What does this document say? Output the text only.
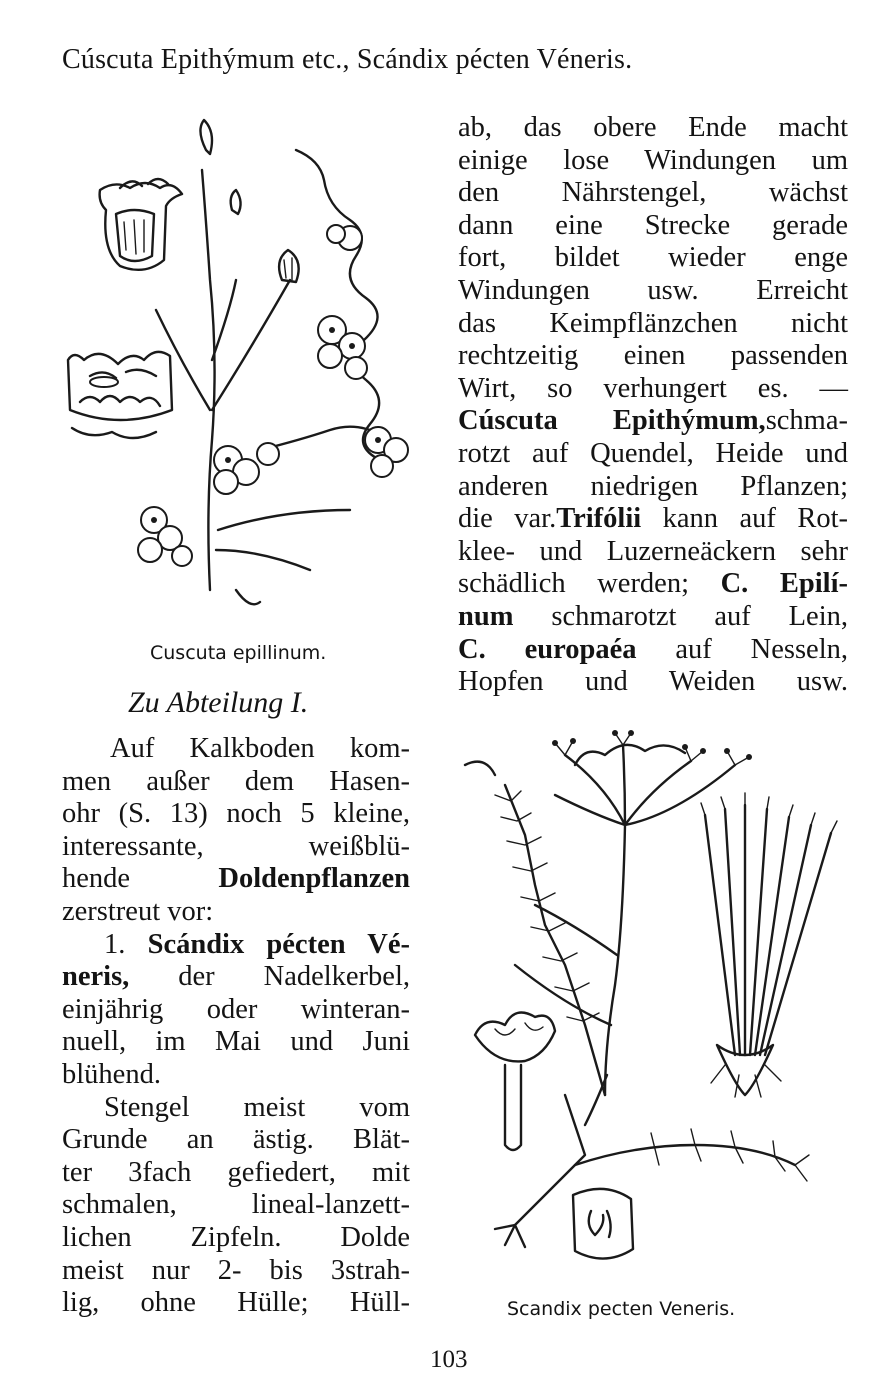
Cúscuta Epithýmum etc., Scándix pécten Véneris.
Cuscuta epillinum.
ab, das obere Ende macht
einige lose Windungen um
den Nährstengel, wächst
dann eine Strecke gerade
fort, bildet wieder enge
Windungen usw. Erreicht
das Keimpflänzchen nicht
rechtzeitig einen passenden
Wirt, so verhungert es. —
Cúscuta Epithýmum,schma-
rotzt auf Quendel, Heide und
anderen niedrigen Pflanzen;
die var.Trifólii kann auf Rot-
klee- und Luzerneäckern sehr
schädlich werden; C. Epilí-
num schmarotzt auf Lein,
C. europaéa auf Nesseln,
Hopfen und Weiden usw.
Zu Abteilung I.
Auf Kalkboden kom-
men außer dem Hasen-
ohr (S. 13) noch 5 kleine,
interessante, weißblü-
hende Doldenpflanzen
zerstreut vor:
1. Scándix pécten Vé-
neris, der Nadelkerbel,
einjährig oder winteran-
nuell, im Mai und Juni
blühend.
Stengel meist vom
Grunde an ästig. Blät-
ter 3fach gefiedert, mit
schmalen, lineal-lanzett-
lichen Zipfeln. Dolde
meist nur 2- bis 3strah-
lig, ohne Hülle; Hüll-	Scandix pecten Veneris.
103
